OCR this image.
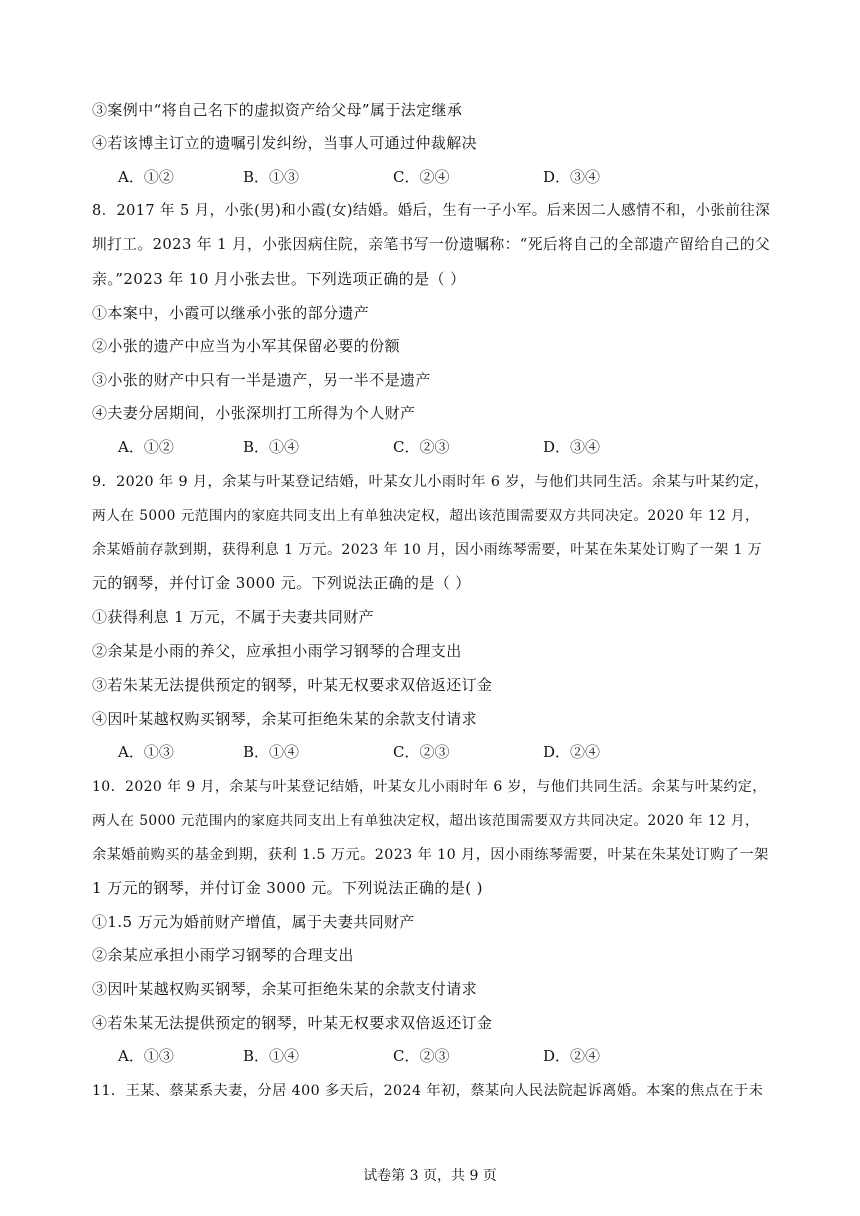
③案例中“将自己名下的虚拟资产给父母”属于法定继承
④若该博主订立的遗嘱引发纠纷，当事人可通过仲裁解决
A．①②	B．①③	C．②④	D．③④
8．2017 年 5 月，小张(男)和小霞(女)结婚。婚后，生有一子小军。后来因二人感情不和，小张前往深
圳打工。2023 年 1 月，小张因病住院，亲笔书写一份遗嘱称：“死后将自己的全部遗产留给自己的父
亲。”2023 年 10 月小张去世。下列选项正确的是（ ）
①本案中，小霞可以继承小张的部分遗产
②小张的遗产中应当为小军其保留必要的份额
③小张的财产中只有一半是遗产，另一半不是遗产
④夫妻分居期间，小张深圳打工所得为个人财产
A．①②	B．①④	C．②③	D．③④
9．2020 年 9 月，余某与叶某登记结婚，叶某女儿小雨时年 6 岁，与他们共同生活。余某与叶某约定，
两人在 5000 元范围内的家庭共同支出上有单独决定权，超出该范围需要双方共同决定。2020 年 12 月，
余某婚前存款到期，获得利息 1 万元。2023 年 10 月，因小雨练琴需要，叶某在朱某处订购了一架 1 万
元的钢琴，并付订金 3000 元。下列说法正确的是（ ）
①获得利息 1 万元，不属于夫妻共同财产
②余某是小雨的养父，应承担小雨学习钢琴的合理支出
③若朱某无法提供预定的钢琴，叶某无权要求双倍返还订金
④因叶某越权购买钢琴，余某可拒绝朱某的余款支付请求
A．①③	B．①④	C．②③	D．②④
10．2020 年 9 月，余某与叶某登记结婚，叶某女儿小雨时年 6 岁，与他们共同生活。余某与叶某约定，
两人在 5000 元范围内的家庭共同支出上有单独决定权，超出该范围需要双方共同决定。2020 年 12 月，
余某婚前购买的基金到期，获利 1.5 万元。2023 年 10 月，因小雨练琴需要，叶某在朱某处订购了一架
1 万元的钢琴，并付订金 3000 元。下列说法正确的是( )
①1.5 万元为婚前财产增值，属于夫妻共同财产
②余某应承担小雨学习钢琴的合理支出
③因叶某越权购买钢琴，余某可拒绝朱某的余款支付请求
④若朱某无法提供预定的钢琴，叶某无权要求双倍返还订金
A．①③	B．①④	C．②③	D．②④
11．王某、蔡某系夫妻，分居 400 多天后，2024 年初，蔡某向人民法院起诉离婚。本案的焦点在于未
试卷第 3 页，共 9 页
